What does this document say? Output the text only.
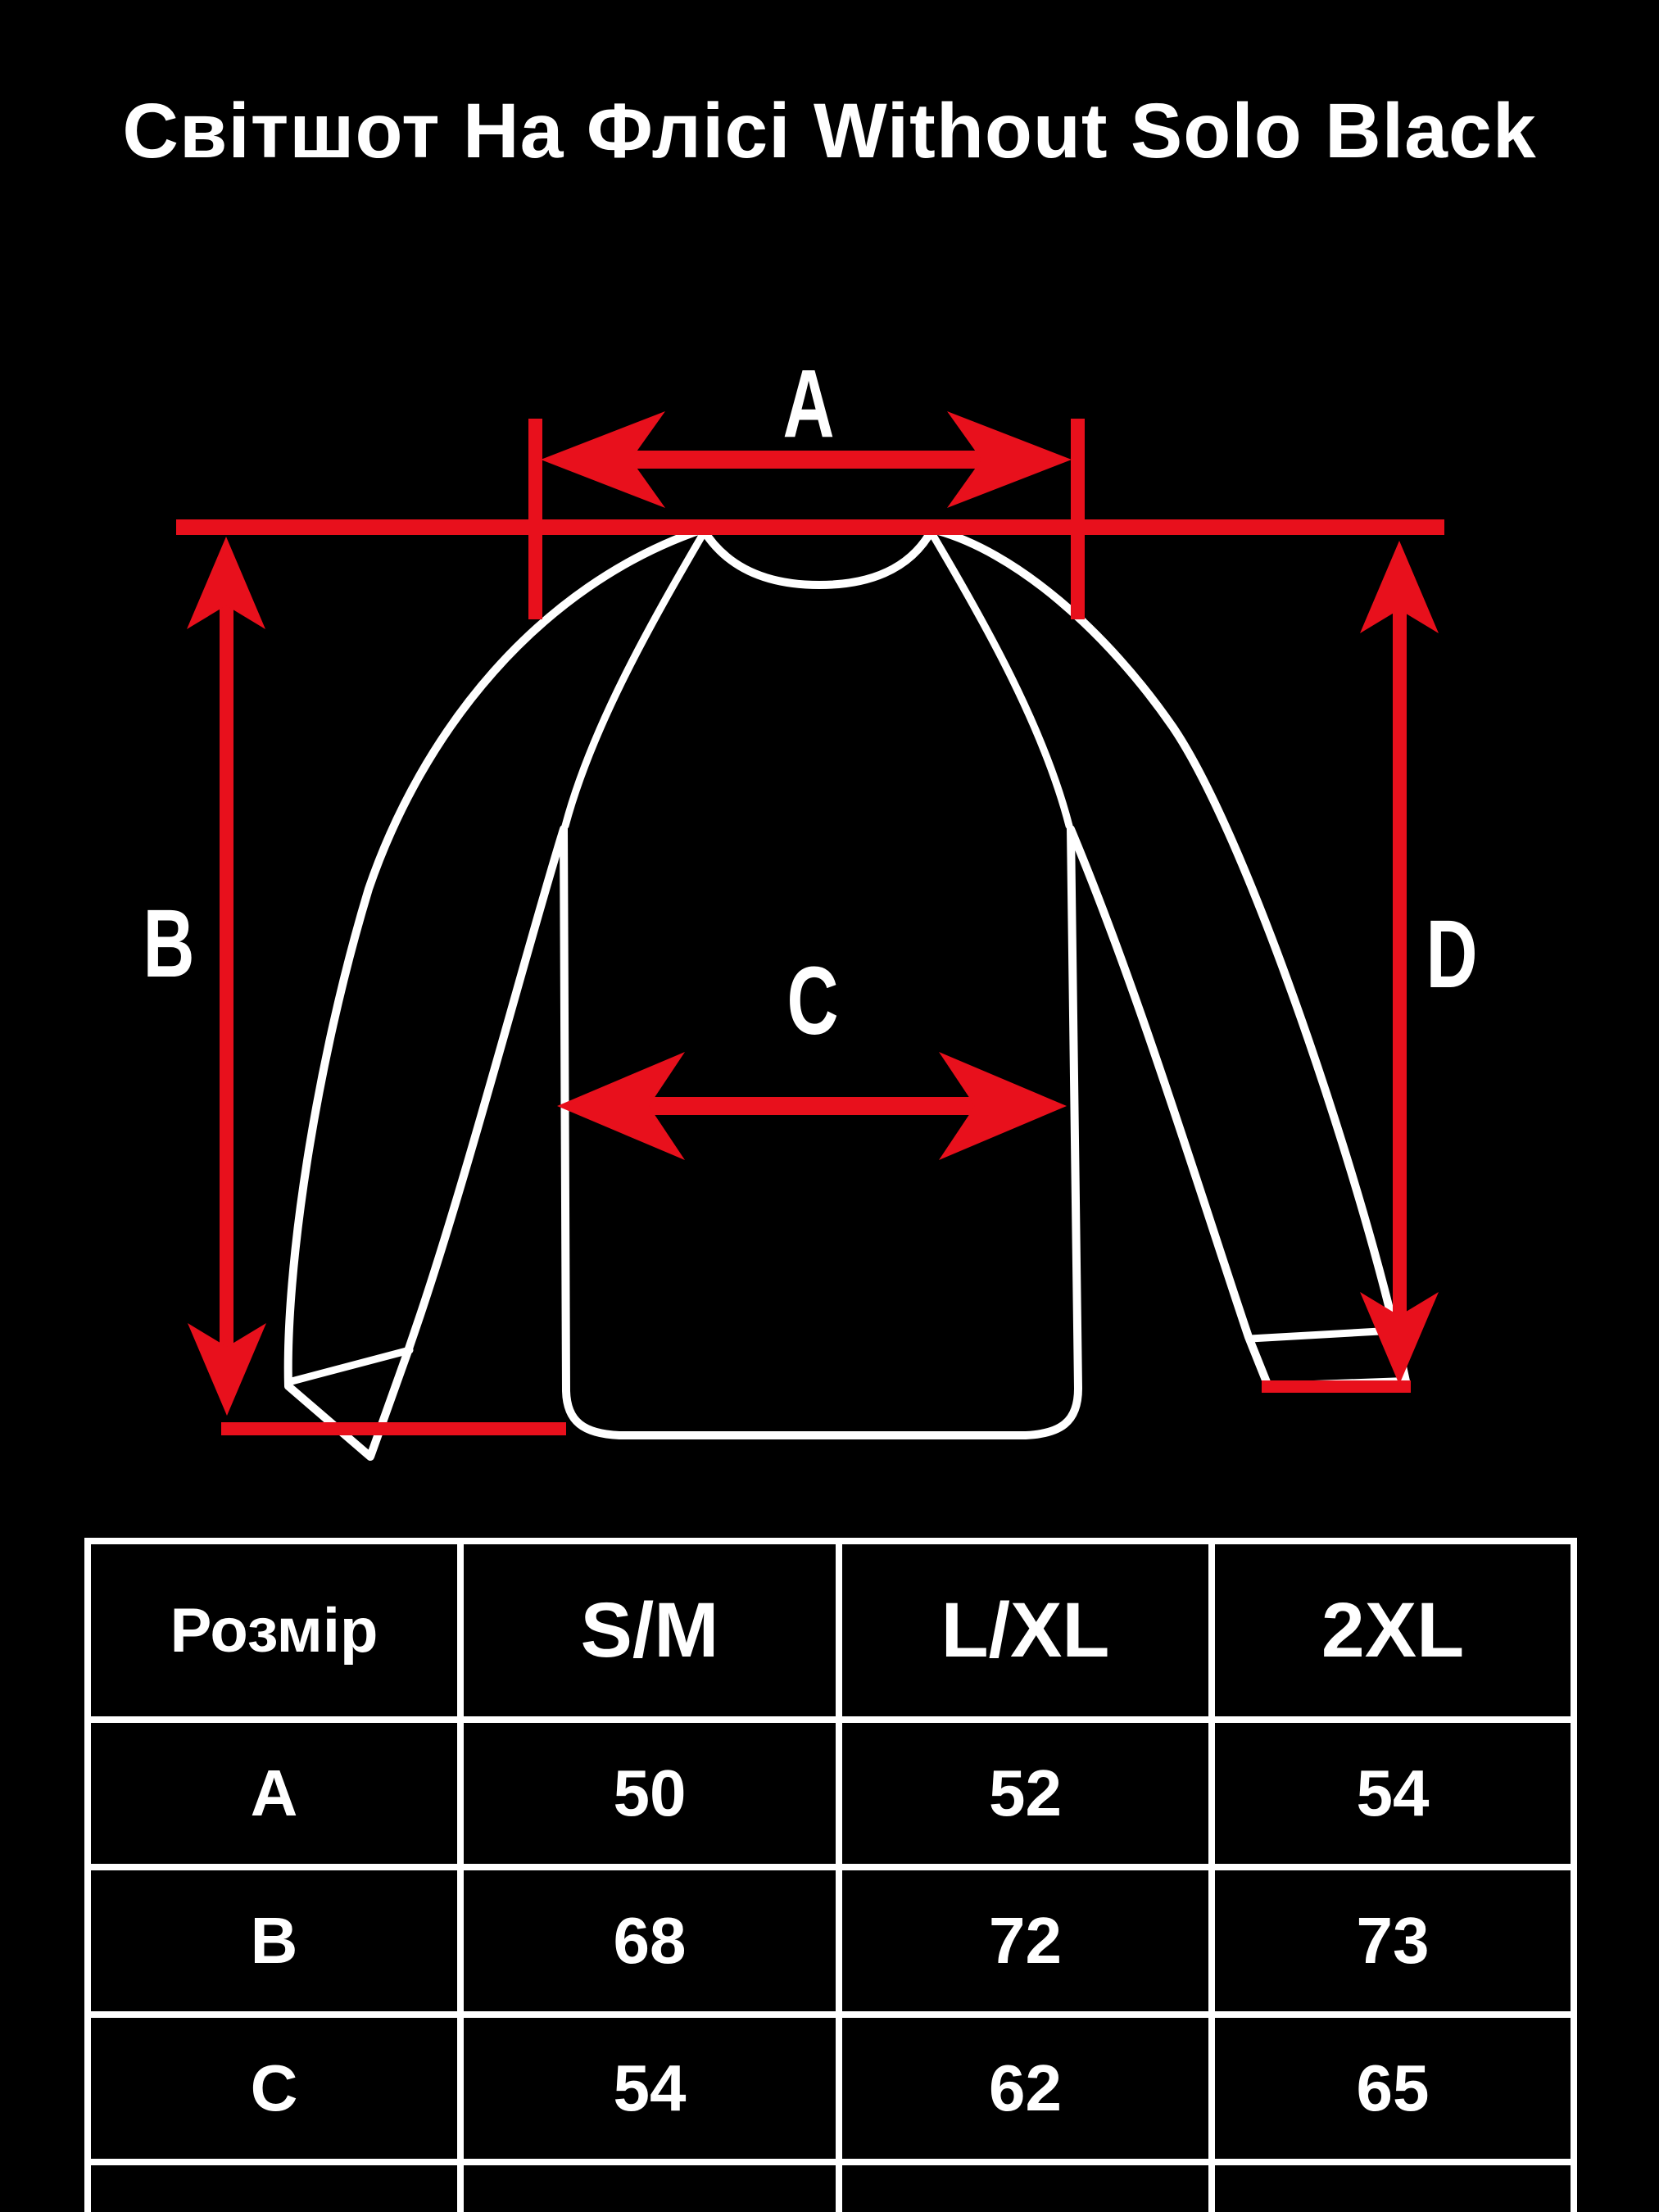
Світшот На Флісі Without Solo Black
A
B
C	D
Розмір	S/M	L/XL	2XL
A	50	52	54
B	68	72	73
C	54	62	65
